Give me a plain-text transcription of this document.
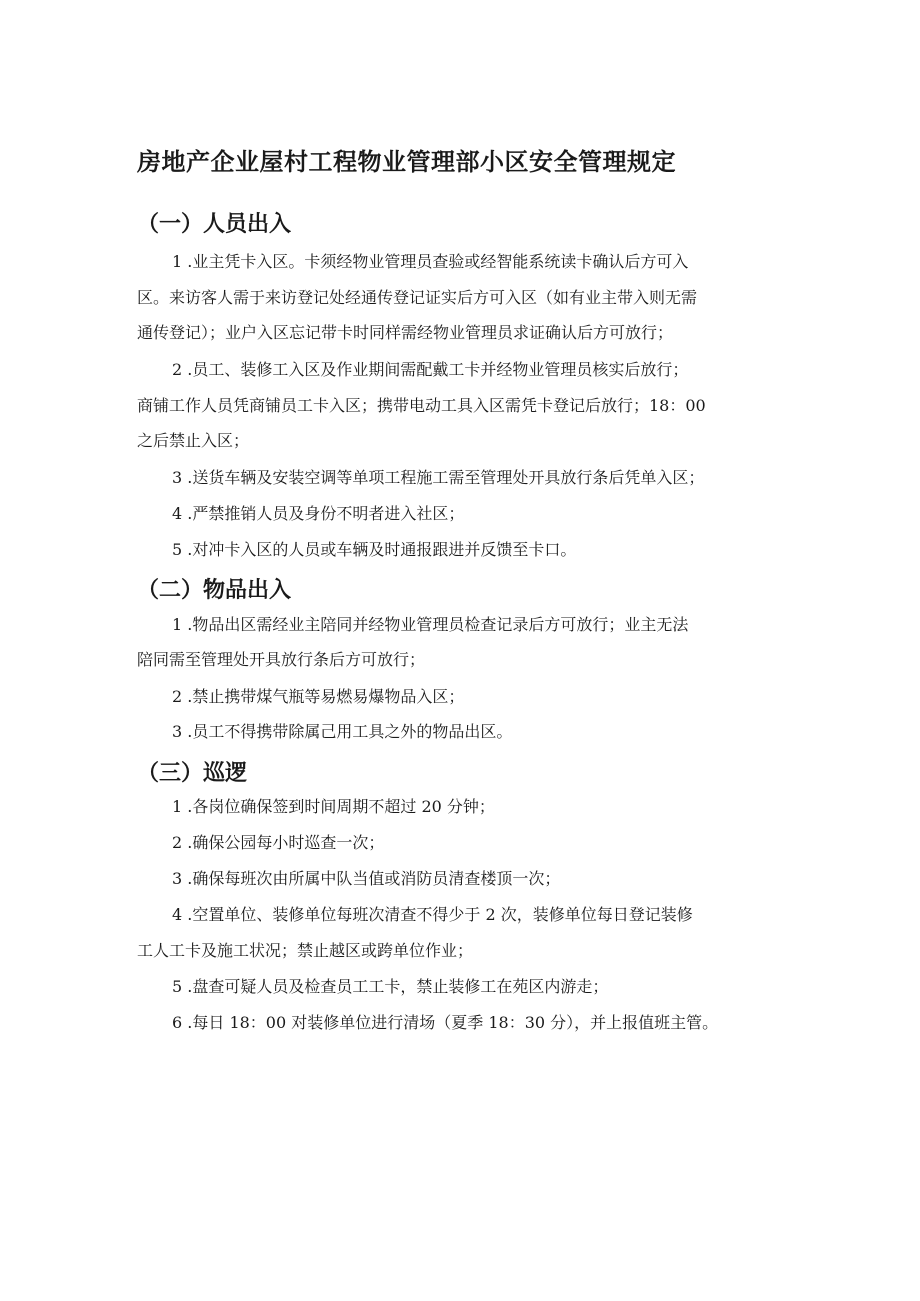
房地产企业屋村工程物业管理部小区安全管理规定
（一）人员出入

1 .业主凭卡入区。卡须经物业管理员查验或经智能系统读卡确认后方可入

区。来访客人需于来访登记处经通传登记证实后方可入区（如有业主带入则无需

通传登记）；业户入区忘记带卡时同样需经物业管理员求证确认后方可放行；

2 .员工、装修工入区及作业期间需配戴工卡并经物业管理员核实后放行；

商铺工作人员凭商铺员工卡入区；携带电动工具入区需凭卡登记后放行；18：00

之后禁止入区；

3 .送货车辆及安装空调等单项工程施工需至管理处开具放行条后凭单入区；

4 .严禁推销人员及身份不明者进入社区；

5 .对冲卡入区的人员或车辆及时通报跟进并反馈至卡口。

（二）物品出入

1 .物品出区需经业主陪同并经物业管理员检查记录后方可放行；业主无法

陪同需至管理处开具放行条后方可放行；

2 .禁止携带煤气瓶等易燃易爆物品入区；

3 .员工不得携带除属己用工具之外的物品出区。

（三）巡逻

1 .各岗位确保签到时间周期不超过 20 分钟；

2 .确保公园每小时巡查一次；

3 .确保每班次由所属中队当值或消防员清查楼顶一次；

4 .空置单位、装修单位每班次清查不得少于 2 次，装修单位每日登记装修

工人工卡及施工状况；禁止越区或跨单位作业；

5 .盘查可疑人员及检查员工工卡，禁止装修工在苑区内游走；

6 .每日 18：00 对装修单位进行清场（夏季 18：30 分），并上报值班主管。
